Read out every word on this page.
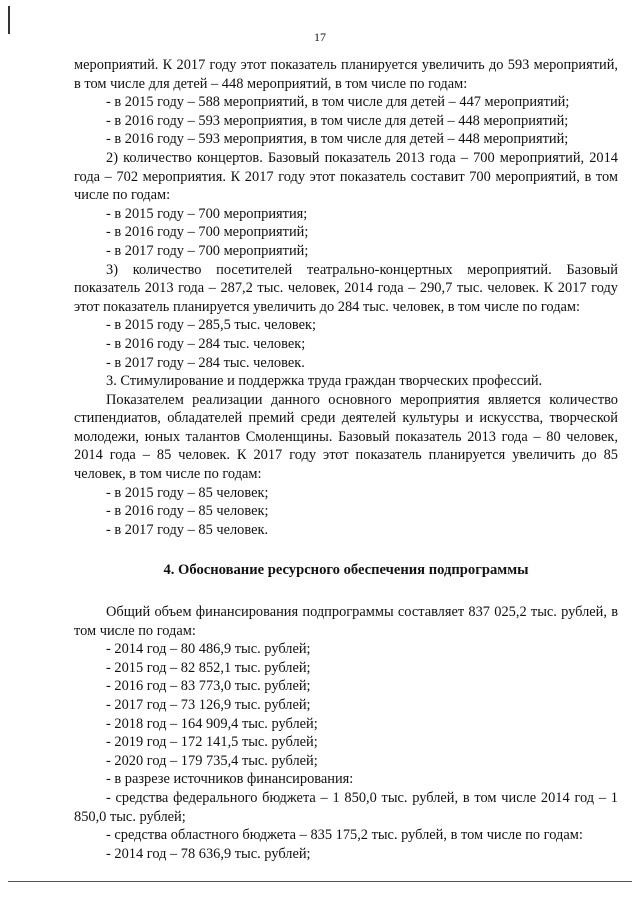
17

мероприятий. К 2017 году этот показатель планируется увеличить до 593 мероприятий, в том числе для детей – 448 мероприятий, в том числе по годам:

- в 2015 году – 588 мероприятий, в том числе для детей – 447 мероприятий;

- в 2016 году – 593 мероприятия, в том числе для детей – 448 мероприятий;

- в 2016 году – 593 мероприятия, в том числе для детей – 448 мероприятий;

2) количество концертов. Базовый показатель 2013 года – 700 мероприятий, 2014 года – 702 мероприятия. К 2017 году этот показатель составит 700 мероприятий, в том числе по годам:

- в 2015 году – 700 мероприятия;

- в 2016 году – 700 мероприятий;

- в 2017 году – 700 мероприятий;

3) количество посетителей театрально-концертных мероприятий. Базовый показатель 2013 года – 287,2 тыс. человек, 2014 года – 290,7 тыс. человек. К 2017 году этот показатель планируется увеличить до 284 тыс. человек, в том числе по годам:

- в 2015 году – 285,5 тыс. человек;

- в 2016 году – 284 тыс. человек;

- в 2017 году – 284 тыс. человек.

3. Стимулирование и поддержка труда граждан творческих профессий.

Показателем реализации данного основного мероприятия является количество стипендиатов, обладателей премий среди деятелей культуры и искусства, творческой молодежи, юных талантов Смоленщины. Базовый показатель 2013 года – 80 человек, 2014 года – 85 человек. К 2017 году этот показатель планируется увеличить до 85 человек, в том числе по годам:

- в 2015 году – 85 человек;

- в 2016 году – 85 человек;

- в 2017 году – 85 человек.

4. Обоснование ресурсного обеспечения подпрограммы

Общий объем финансирования подпрограммы составляет 837 025,2 тыс. рублей, в том числе по годам:

- 2014 год – 80 486,9 тыс. рублей;

- 2015 год – 82 852,1 тыс. рублей;

- 2016 год – 83 773,0 тыс. рублей;

- 2017 год – 73 126,9 тыс. рублей;

- 2018 год – 164 909,4 тыс. рублей;

- 2019 год – 172 141,5 тыс. рублей;

- 2020 год – 179 735,4 тыс. рублей;

- в разрезе источников финансирования:

- средства федерального бюджета – 1 850,0 тыс. рублей, в том числе 2014 год – 1 850,0 тыс. рублей;

- средства областного бюджета – 835 175,2 тыс. рублей, в том числе по годам:

- 2014 год – 78 636,9 тыс. рублей;
